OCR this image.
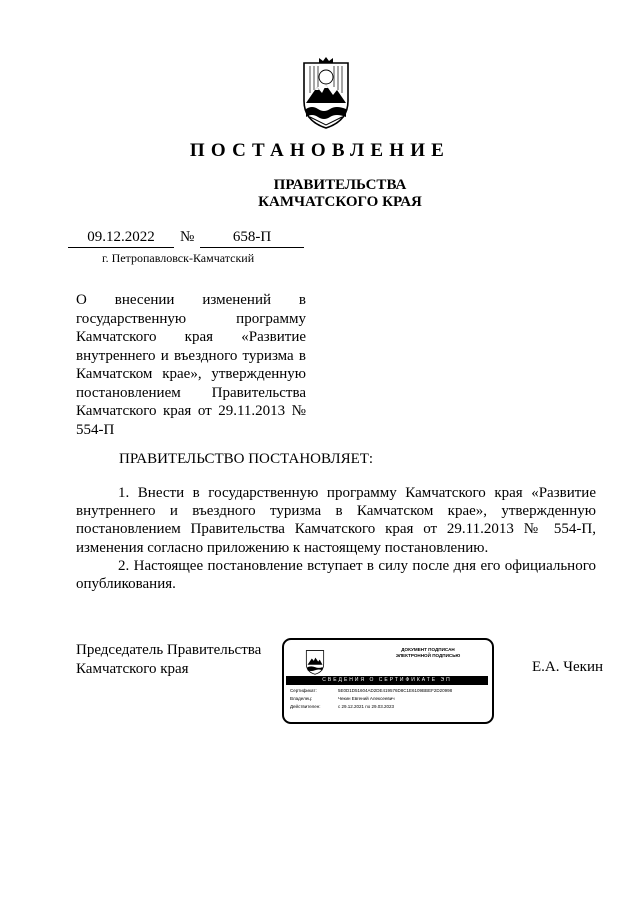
ПОСТАНОВЛЕНИЕ
ПРАВИТЕЛЬСТВА
КАМЧАТСКОГО КРАЯ
09.12.2022	№	658-П
г. Петропавловск-Камчатский
О внесении изменений в государственную программу Камчатского края «Развитие внутреннего и въездного туризма в Камчатском крае», утвержденную постановлением Правительства Камчатского края от 29.11.2013 № 554-П
ПРАВИТЕЛЬСТВО ПОСТАНОВЛЯЕТ:

1. Внести в государственную программу Камчатского края «Развитие внутреннего и въездного туризма в Камчатском крае», утвержденную постановлением Правительства Камчатского края от 29.11.2013 № 554-П, изменения согласно приложению к настоящему постановлению.

2. Настоящее постановление вступает в силу после дня его официального опубликования.

Председатель Правительства
Камчатского края
ДОКУМЕНТ ПОДПИСАН
ЭЛЕКТРОННОЙ ПОДПИСЬЮ
СВЕДЕНИЯ О СЕРТИФИКАТЕ ЭП
Сертификат:	5E0D1D51604AD2DE419576D8C1E6109BBEF2D20998
Владелец:	Чекин Евгений Алексеевич
Действителен:	с 29.12.2021 по 29.03.2023
Е.А. Чекин
